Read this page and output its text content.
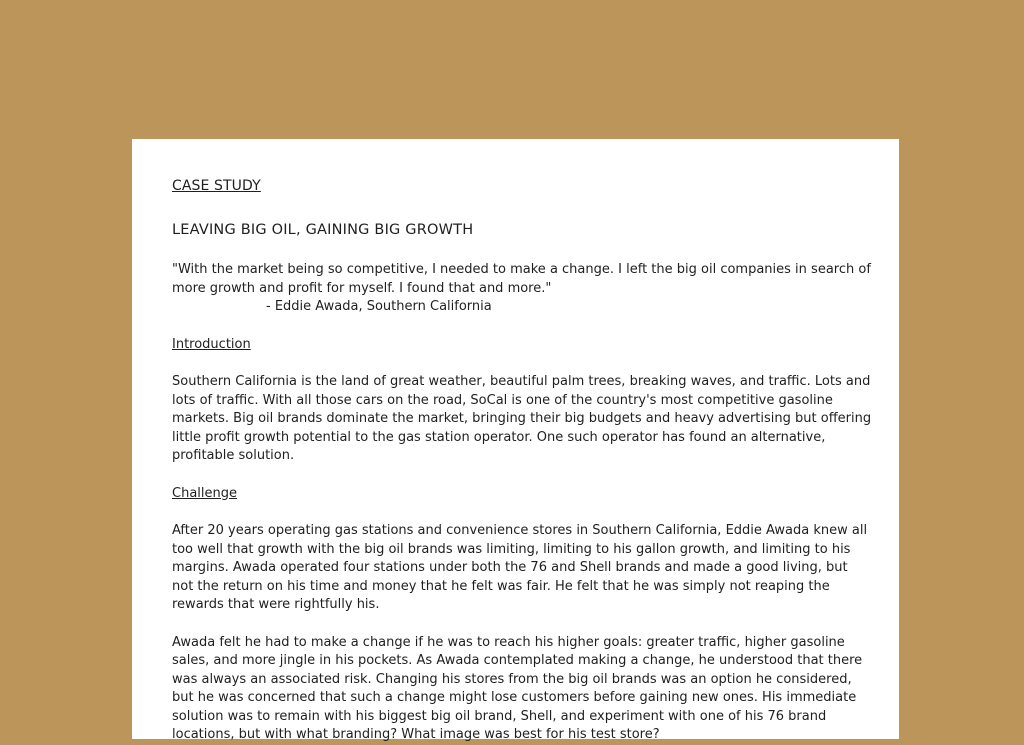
CASE STUDY
LEAVING BIG OIL, GAINING BIG GROWTH
"With the market being so competitive, I needed to make a change. I left the big oil companies in search of more growth and profit for myself. I found that and more."
- Eddie Awada, Southern California
Introduction

Southern California is the land of great weather, beautiful palm trees, breaking waves, and traffic. Lots and lots of traffic. With all those cars on the road, SoCal is one of the country's most competitive gasoline markets. Big oil brands dominate the market, bringing their big budgets and heavy advertising but offering little profit growth potential to the gas station operator. One such operator has found an alternative, profitable solution.

Challenge

After 20 years operating gas stations and convenience stores in Southern California, Eddie Awada knew all too well that growth with the big oil brands was limiting, limiting to his gallon growth, and limiting to his margins. Awada operated four stations under both the 76 and Shell brands and made a good living, but not the return on his time and money that he felt was fair. He felt that he was simply not reaping the rewards that were rightfully his.

Awada felt he had to make a change if he was to reach his higher goals: greater traffic, higher gasoline sales, and more jingle in his pockets. As Awada contemplated making a change, he understood that there was always an associated risk. Changing his stores from the big oil brands was an option he considered, but he was concerned that such a change might lose customers before gaining new ones. His immediate solution was to remain with his biggest big oil brand, Shell, and experiment with one of his 76 brand locations, but with what branding? What image was best for his test store?
